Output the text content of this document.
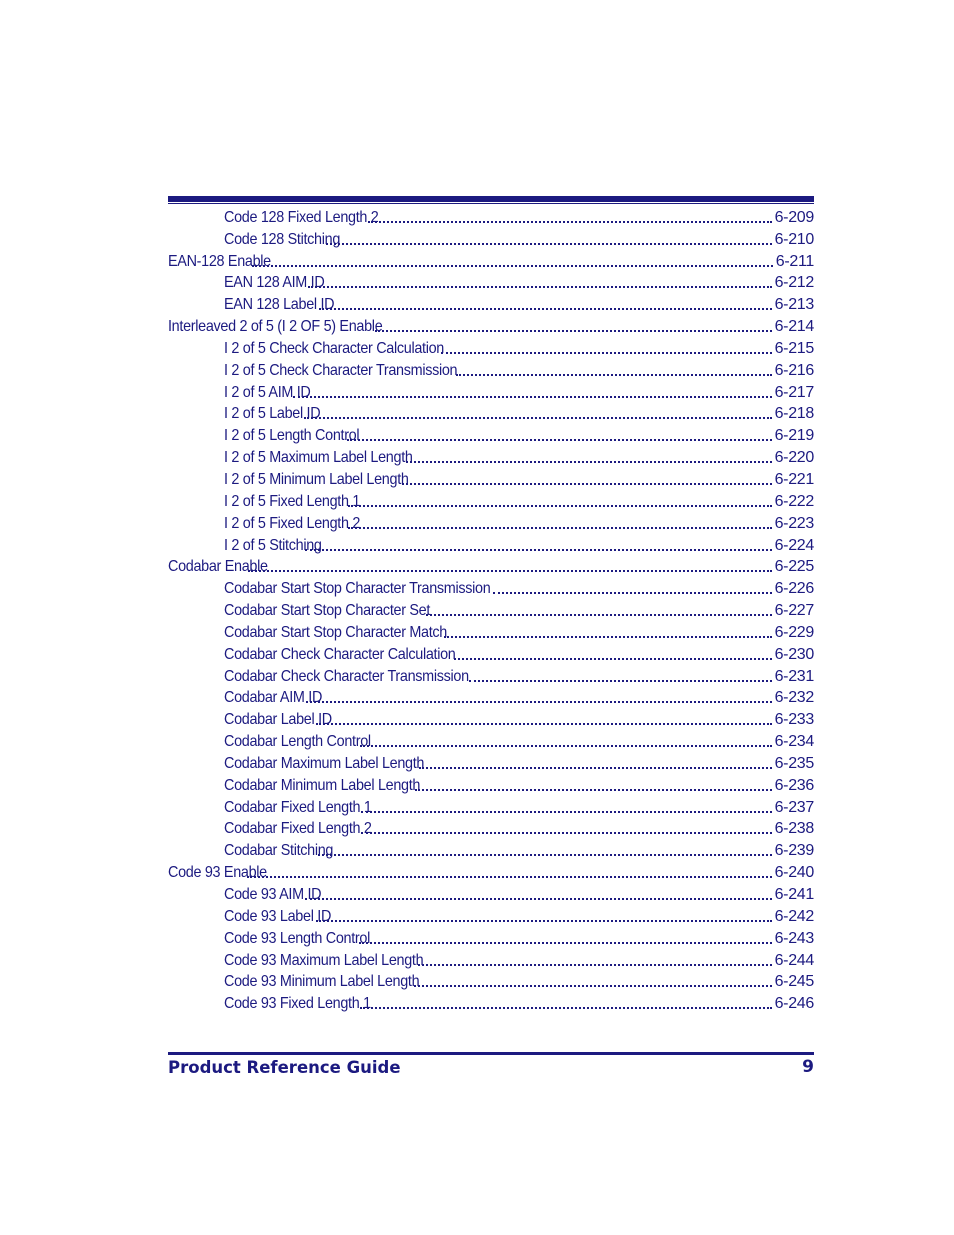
Code 128 Fixed Length 2	6-209
Code 128 Stitching	6-210
EAN-128 Enable	6-211
EAN 128 AIM ID	6-212
EAN 128 Label ID	6-213
Interleaved 2 of 5 (I 2 OF 5) Enable	6-214
I 2 of 5 Check Character Calculation	6-215
I 2 of 5 Check Character Transmission	6-216
I 2 of 5 AIM ID	6-217
I 2 of 5 Label ID	6-218
I 2 of 5 Length Control	6-219
I 2 of 5 Maximum Label Length	6-220
I 2 of 5 Minimum Label Length	6-221
I 2 of 5 Fixed Length 1	6-222
I 2 of 5 Fixed Length 2	6-223
I 2 of 5 Stitching	6-224
Codabar Enable	6-225
Codabar Start Stop Character Transmission	6-226
Codabar Start Stop Character Set	6-227
Codabar Start Stop Character Match	6-229
Codabar Check Character Calculation	6-230
Codabar Check Character Transmission	6-231
Codabar AIM ID	6-232
Codabar Label ID	6-233
Codabar Length Control	6-234
Codabar Maximum Label Length	6-235
Codabar Minimum Label Length	6-236
Codabar Fixed Length 1	6-237
Codabar Fixed Length 2	6-238
Codabar Stitching	6-239
Code 93 Enable	6-240
Code 93 AIM ID	6-241
Code 93 Label ID	6-242
Code 93 Length Control	6-243
Code 93 Maximum Label Length	6-244
Code 93 Minimum Label Length	6-245
Code 93 Fixed Length 1	6-246
Product Reference Guide	9
